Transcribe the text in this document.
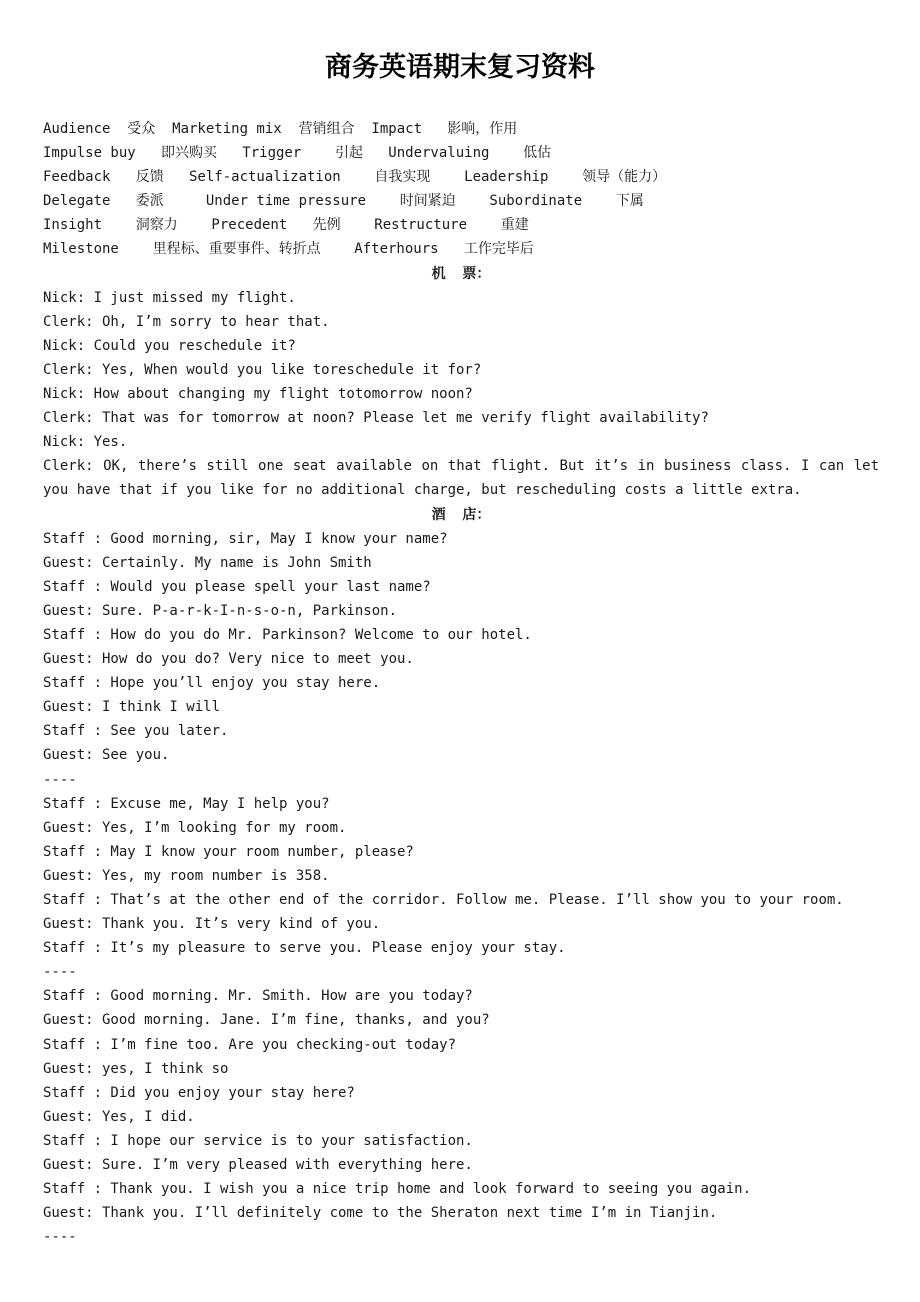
商务英语期末复习资料
Audience  受众  Marketing mix  营销组合  Impact   影响，作用
Impulse buy   即兴购买   Trigger    引起   Undervaluing    低估
Feedback   反馈   Self-actualization    自我实现    Leadership    领导（能力）
Delegate   委派     Under time pressure    时间紧迫    Subordinate    下属
Insight    洞察力    Precedent   先例    Restructure    重建
Milestone    里程标、重要事件、转折点    Afterhours   工作完毕后
机  票：
Nick: I just missed my flight.
Clerk: Oh, I’m sorry to hear that.
Nick: Could you reschedule it?
Clerk: Yes, When would you like toreschedule it for?
Nick: How about changing my flight totomorrow noon?
Clerk: That was for tomorrow at noon? Please let me verify flight availability?
Nick: Yes.
Clerk: OK, there’s still one seat available on that flight. But it’s in business class. I can let you have that if you like for no additional charge, but rescheduling costs a little extra.
酒  店：
Staff : Good morning, sir, May I know your name?
Guest: Certainly. My name is John Smith
Staff : Would you please spell your last name?
Guest: Sure. P-a-r-k-I-n-s-o-n, Parkinson.
Staff : How do you do Mr. Parkinson? Welcome to our hotel.
Guest: How do you do? Very nice to meet you.
Staff : Hope you’ll enjoy you stay here.
Guest: I think I will
Staff : See you later.
Guest: See you.
----
Staff : Excuse me, May I help you?
Guest: Yes, I’m looking for my room.
Staff : May I know your room number, please?
Guest: Yes, my room number is 358.
Staff : That’s at the other end of the corridor. Follow me. Please. I’ll show you to your room.
Guest: Thank you. It’s very kind of you.
Staff : It’s my pleasure to serve you. Please enjoy your stay.
----
Staff : Good morning. Mr. Smith. How are you today?
Guest: Good morning. Jane. I’m fine, thanks, and you?
Staff : I’m fine too. Are you checking-out today?
Guest: yes, I think so
Staff : Did you enjoy your stay here?
Guest: Yes, I did.
Staff : I hope our service is to your satisfaction.
Guest: Sure. I’m very pleased with everything here.
Staff : Thank you. I wish you a nice trip home and look forward to seeing you again.
Guest: Thank you. I’ll definitely come to the Sheraton next time I’m in Tianjin.
----
